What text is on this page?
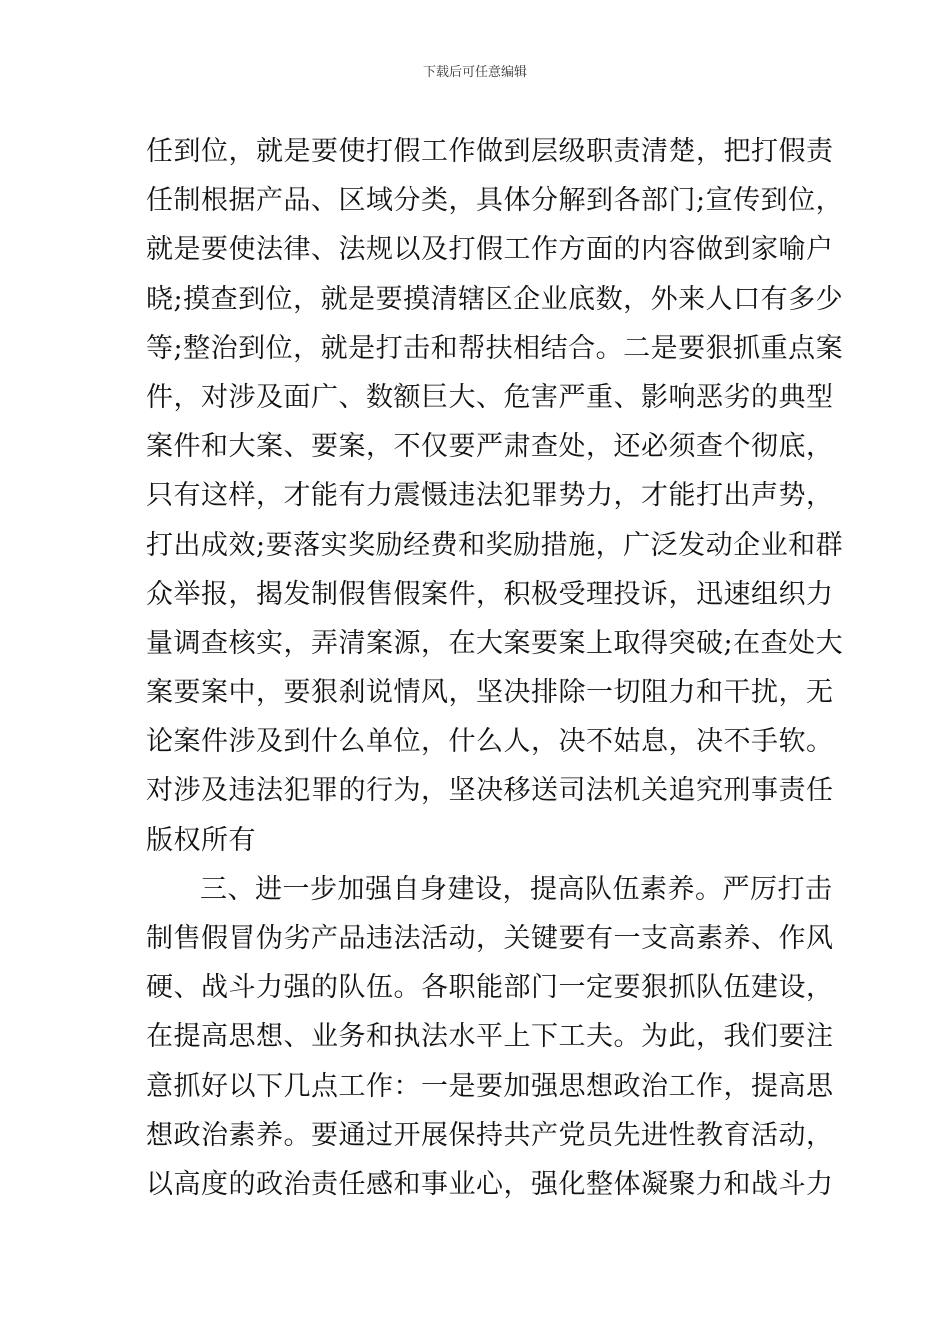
下载后可任意编辑
任到位，就是要使打假工作做到层级职责清楚，把打假责
任制根据产品、区域分类，具体分解到各部门;宣传到位，
就是要使法律、法规以及打假工作方面的内容做到家喻户
晓;摸查到位，就是要摸清辖区企业底数，外来人口有多少
等;整治到位，就是打击和帮扶相结合。二是要狠抓重点案
件，对涉及面广、数额巨大、危害严重、影响恶劣的典型
案件和大案、要案，不仅要严肃查处，还必须查个彻底，
只有这样，才能有力震慑违法犯罪势力，才能打出声势，
打出成效;要落实奖励经费和奖励措施，广泛发动企业和群
众举报，揭发制假售假案件，积极受理投诉，迅速组织力
量调查核实，弄清案源，在大案要案上取得突破;在查处大
案要案中，要狠刹说情风，坚决排除一切阻力和干扰，无
论案件涉及到什么单位，什么人，决不姑息，决不手软。
对涉及违法犯罪的行为，坚决移送司法机关追究刑事责任
版权所有
三、进一步加强自身建设，提高队伍素养。严厉打击
制售假冒伪劣产品违法活动，关键要有一支高素养、作风
硬、战斗力强的队伍。各职能部门一定要狠抓队伍建设，
在提高思想、业务和执法水平上下工夫。为此，我们要注
意抓好以下几点工作：一是要加强思想政治工作，提高思
想政治素养。要通过开展保持共产党员先进性教育活动，
以高度的政治责任感和事业心，强化整体凝聚力和战斗力
